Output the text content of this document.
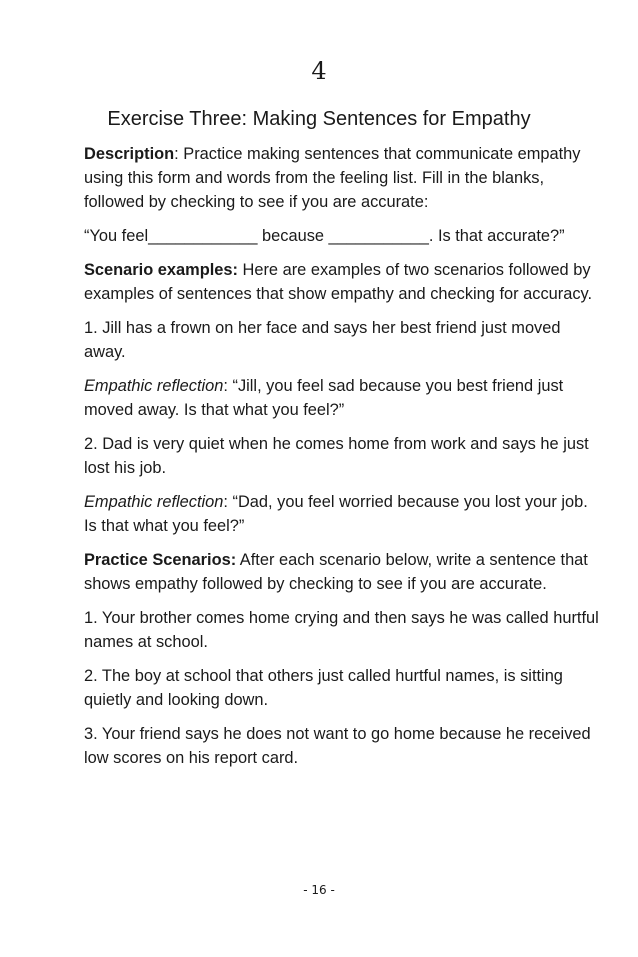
4
Exercise Three: Making Sentences for Empathy

Description: Practice making sentences that communicate empathy using this form and words from the feeling list. Fill in the blanks, followed by checking to see if you are accurate:

“You feel____________ because ___________. Is that accurate?”

Scenario examples: Here are examples of two scenarios followed by examples of sentences that show empathy and checking for accuracy.

1. Jill has a frown on her face and says her best friend just moved away.

Empathic reflection: “Jill, you feel sad because you best friend just moved away. Is that what you feel?”

2. Dad is very quiet when he comes home from work and says he just lost his job.

Empathic reflection: “Dad, you feel worried because you lost your job. Is that what you feel?”

Practice Scenarios: After each scenario below, write a sentence that shows empathy followed by checking to see if you are accurate.

1. Your brother comes home crying and then says he was called hurtful names at school.

2. The boy at school that others just called hurtful names, is sitting quietly and looking down.

3. Your friend says he does not want to go home because he received low scores on his report card.

- 16 -
